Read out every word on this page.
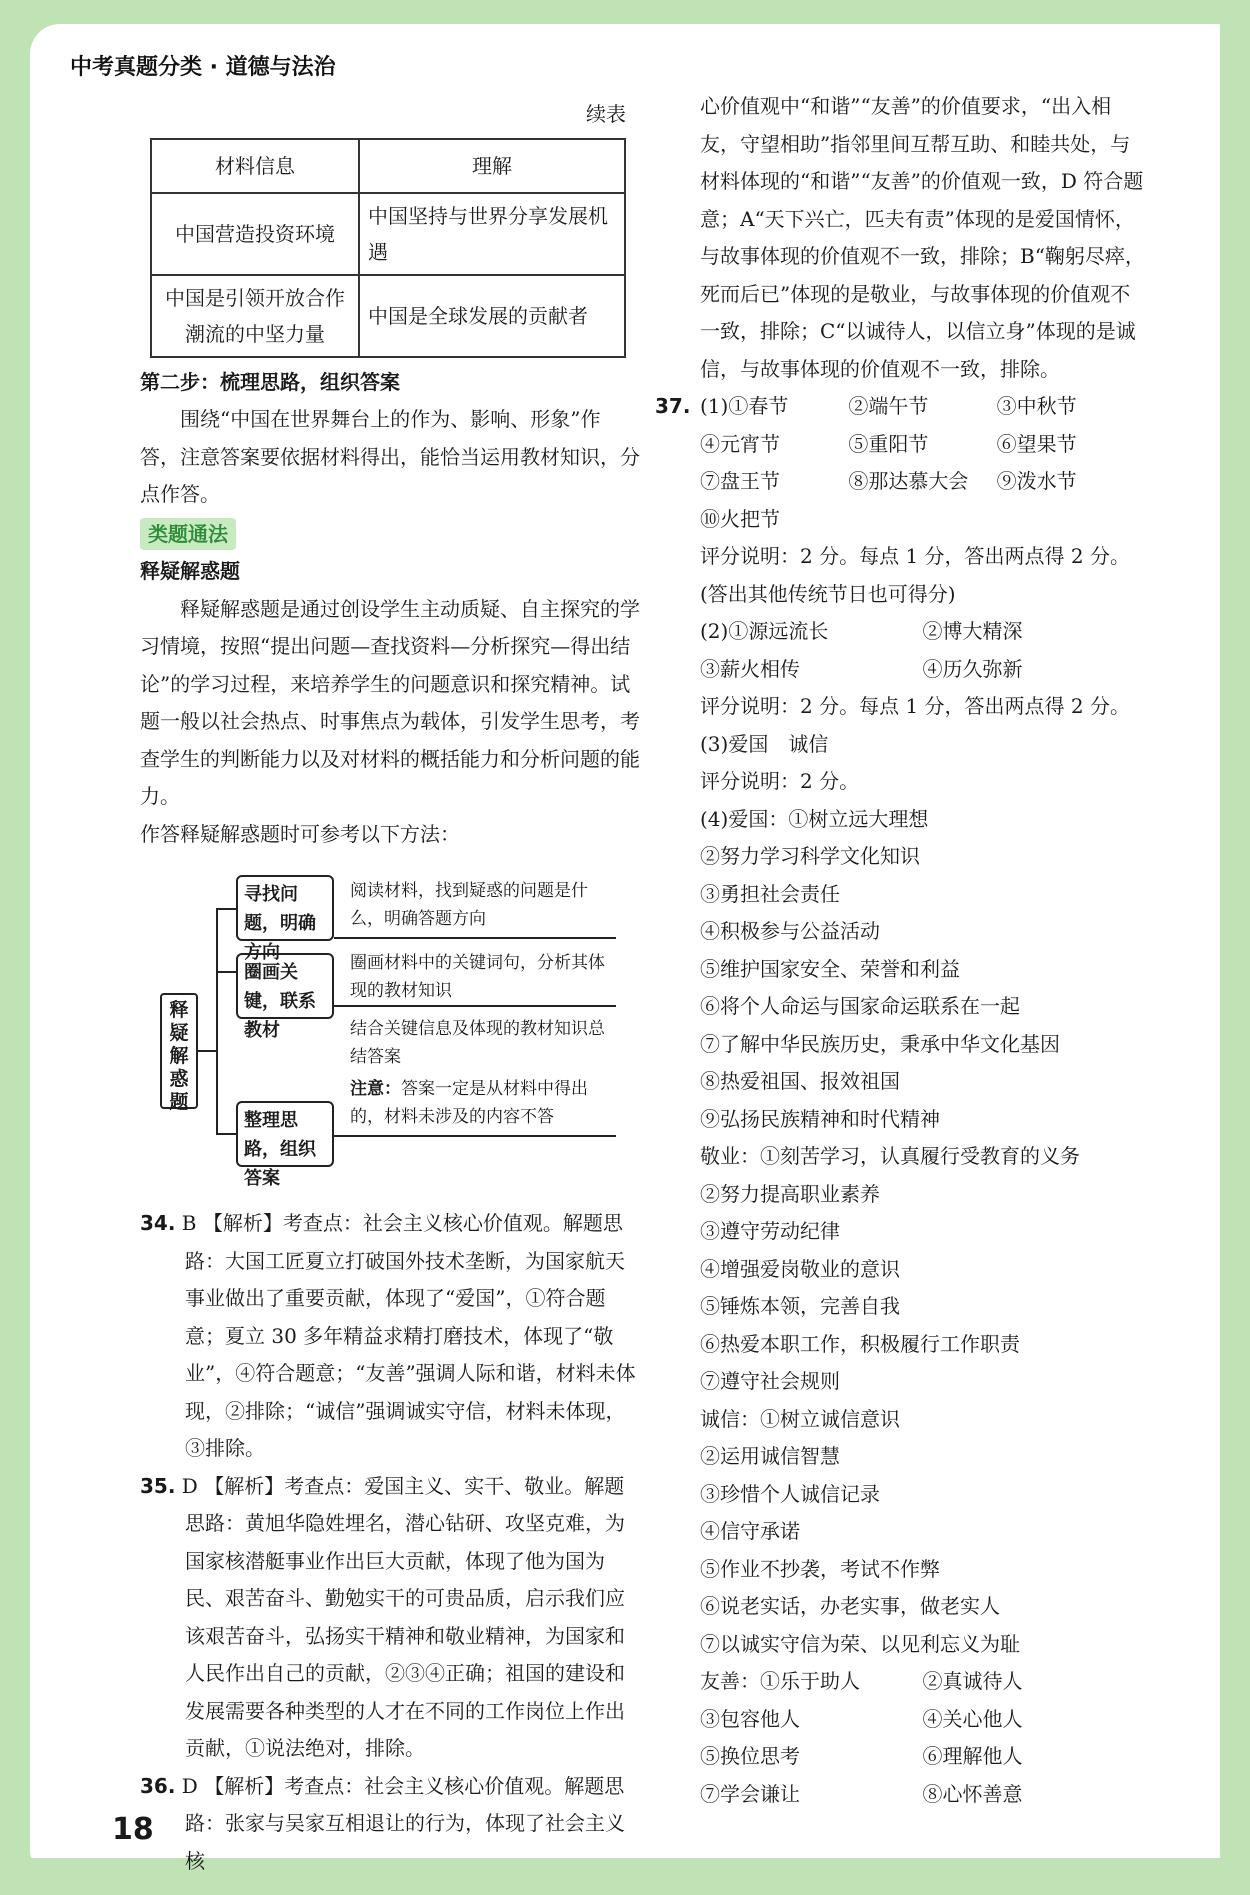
中考真题分类 · 道德与法治

续表

材料信息	理解
中国营造投资环境	中国坚持与世界分享发展机遇
中国是引领开放合作潮流的中坚力量	中国是全球发展的贡献者

第二步：梳理思路，组织答案

围绕“中国在世界舞台上的作为、影响、形象”作答，注意答案要依据材料得出，能恰当运用教材知识，分点作答。

类题通法

释疑解惑题

释疑解惑题是通过创设学生主动质疑、自主探究的学习情境，按照“提出问题—查找资料—分析探究—得出结论”的学习过程，来培养学生的问题意识和探究精神。试题一般以社会热点、时事焦点为载体，引发学生思考，考查学生的判断能力以及对材料的概括能力和分析问题的能力。

作答释疑解惑题时可参考以下方法：

释疑解惑题
寻找问题，明确方向
阅读材料，找到疑惑的问题是什么，明确答题方向
圈画关键，联系教材
圈画材料中的关键词句，分析其体现的教材知识
整理思路，组织答案
结合关键信息及体现的教材知识总结答案
注意：答案一定是从材料中得出的，材料未涉及的内容不答

34. B 【解析】考查点：社会主义核心价值观。解题思路：大国工匠夏立打破国外技术垄断，为国家航天事业做出了重要贡献，体现了“爱国”，①符合题意；夏立 30 多年精益求精打磨技术，体现了“敬业”，④符合题意；“友善”强调人际和谐，材料未体现，②排除；“诚信”强调诚实守信，材料未体现，③排除。

35. D 【解析】考查点：爱国主义、实干、敬业。解题思路：黄旭华隐姓埋名，潜心钻研、攻坚克难，为国家核潜艇事业作出巨大贡献，体现了他为国为民、艰苦奋斗、勤勉实干的可贵品质，启示我们应该艰苦奋斗，弘扬实干精神和敬业精神，为国家和人民作出自己的贡献，②③④正确；祖国的建设和发展需要各种类型的人才在不同的工作岗位上作出贡献，①说法绝对，排除。

36. D 【解析】考查点：社会主义核心价值观。解题思路：张家与吴家互相退让的行为，体现了社会主义核

心价值观中“和谐”“友善”的价值要求，“出入相友，守望相助”指邻里间互帮互助、和睦共处，与材料体现的“和谐”“友善”的价值观一致，D 符合题意；A“天下兴亡，匹夫有责”体现的是爱国情怀，与故事体现的价值观不一致，排除；B“鞠躬尽瘁，死而后已”体现的是敬业，与故事体现的价值观不一致，排除；C“以诚待人，以信立身”体现的是诚信，与故事体现的价值观不一致，排除。

37. (1)①春节	②端午节	③中秋节
④元宵节	⑤重阳节	⑥望果节
⑦盘王节	⑧那达慕大会	⑨泼水节
⑩火把节

评分说明：2 分。每点 1 分，答出两点得 2 分。(答出其他传统节日也可得分)

(2)①源远流长	②博大精深
③薪火相传	④历久弥新

评分说明：2 分。每点 1 分，答出两点得 2 分。

(3)爱国　诚信

评分说明：2 分。

(4)爱国：①树立远大理想

②努力学习科学文化知识

③勇担社会责任

④积极参与公益活动

⑤维护国家安全、荣誉和利益

⑥将个人命运与国家命运联系在一起

⑦了解中华民族历史，秉承中华文化基因

⑧热爱祖国、报效祖国

⑨弘扬民族精神和时代精神

敬业：①刻苦学习，认真履行受教育的义务

②努力提高职业素养

③遵守劳动纪律

④增强爱岗敬业的意识

⑤锤炼本领，完善自我

⑥热爱本职工作，积极履行工作职责

⑦遵守社会规则

诚信：①树立诚信意识

②运用诚信智慧

③珍惜个人诚信记录

④信守承诺

⑤作业不抄袭，考试不作弊

⑥说老实话，办老实事，做老实人

⑦以诚实守信为荣、以见利忘义为耻

友善：①乐于助人	②真诚待人
③包容他人	④关心他人
⑤换位思考	⑥理解他人
⑦学会谦让	⑧心怀善意
18
